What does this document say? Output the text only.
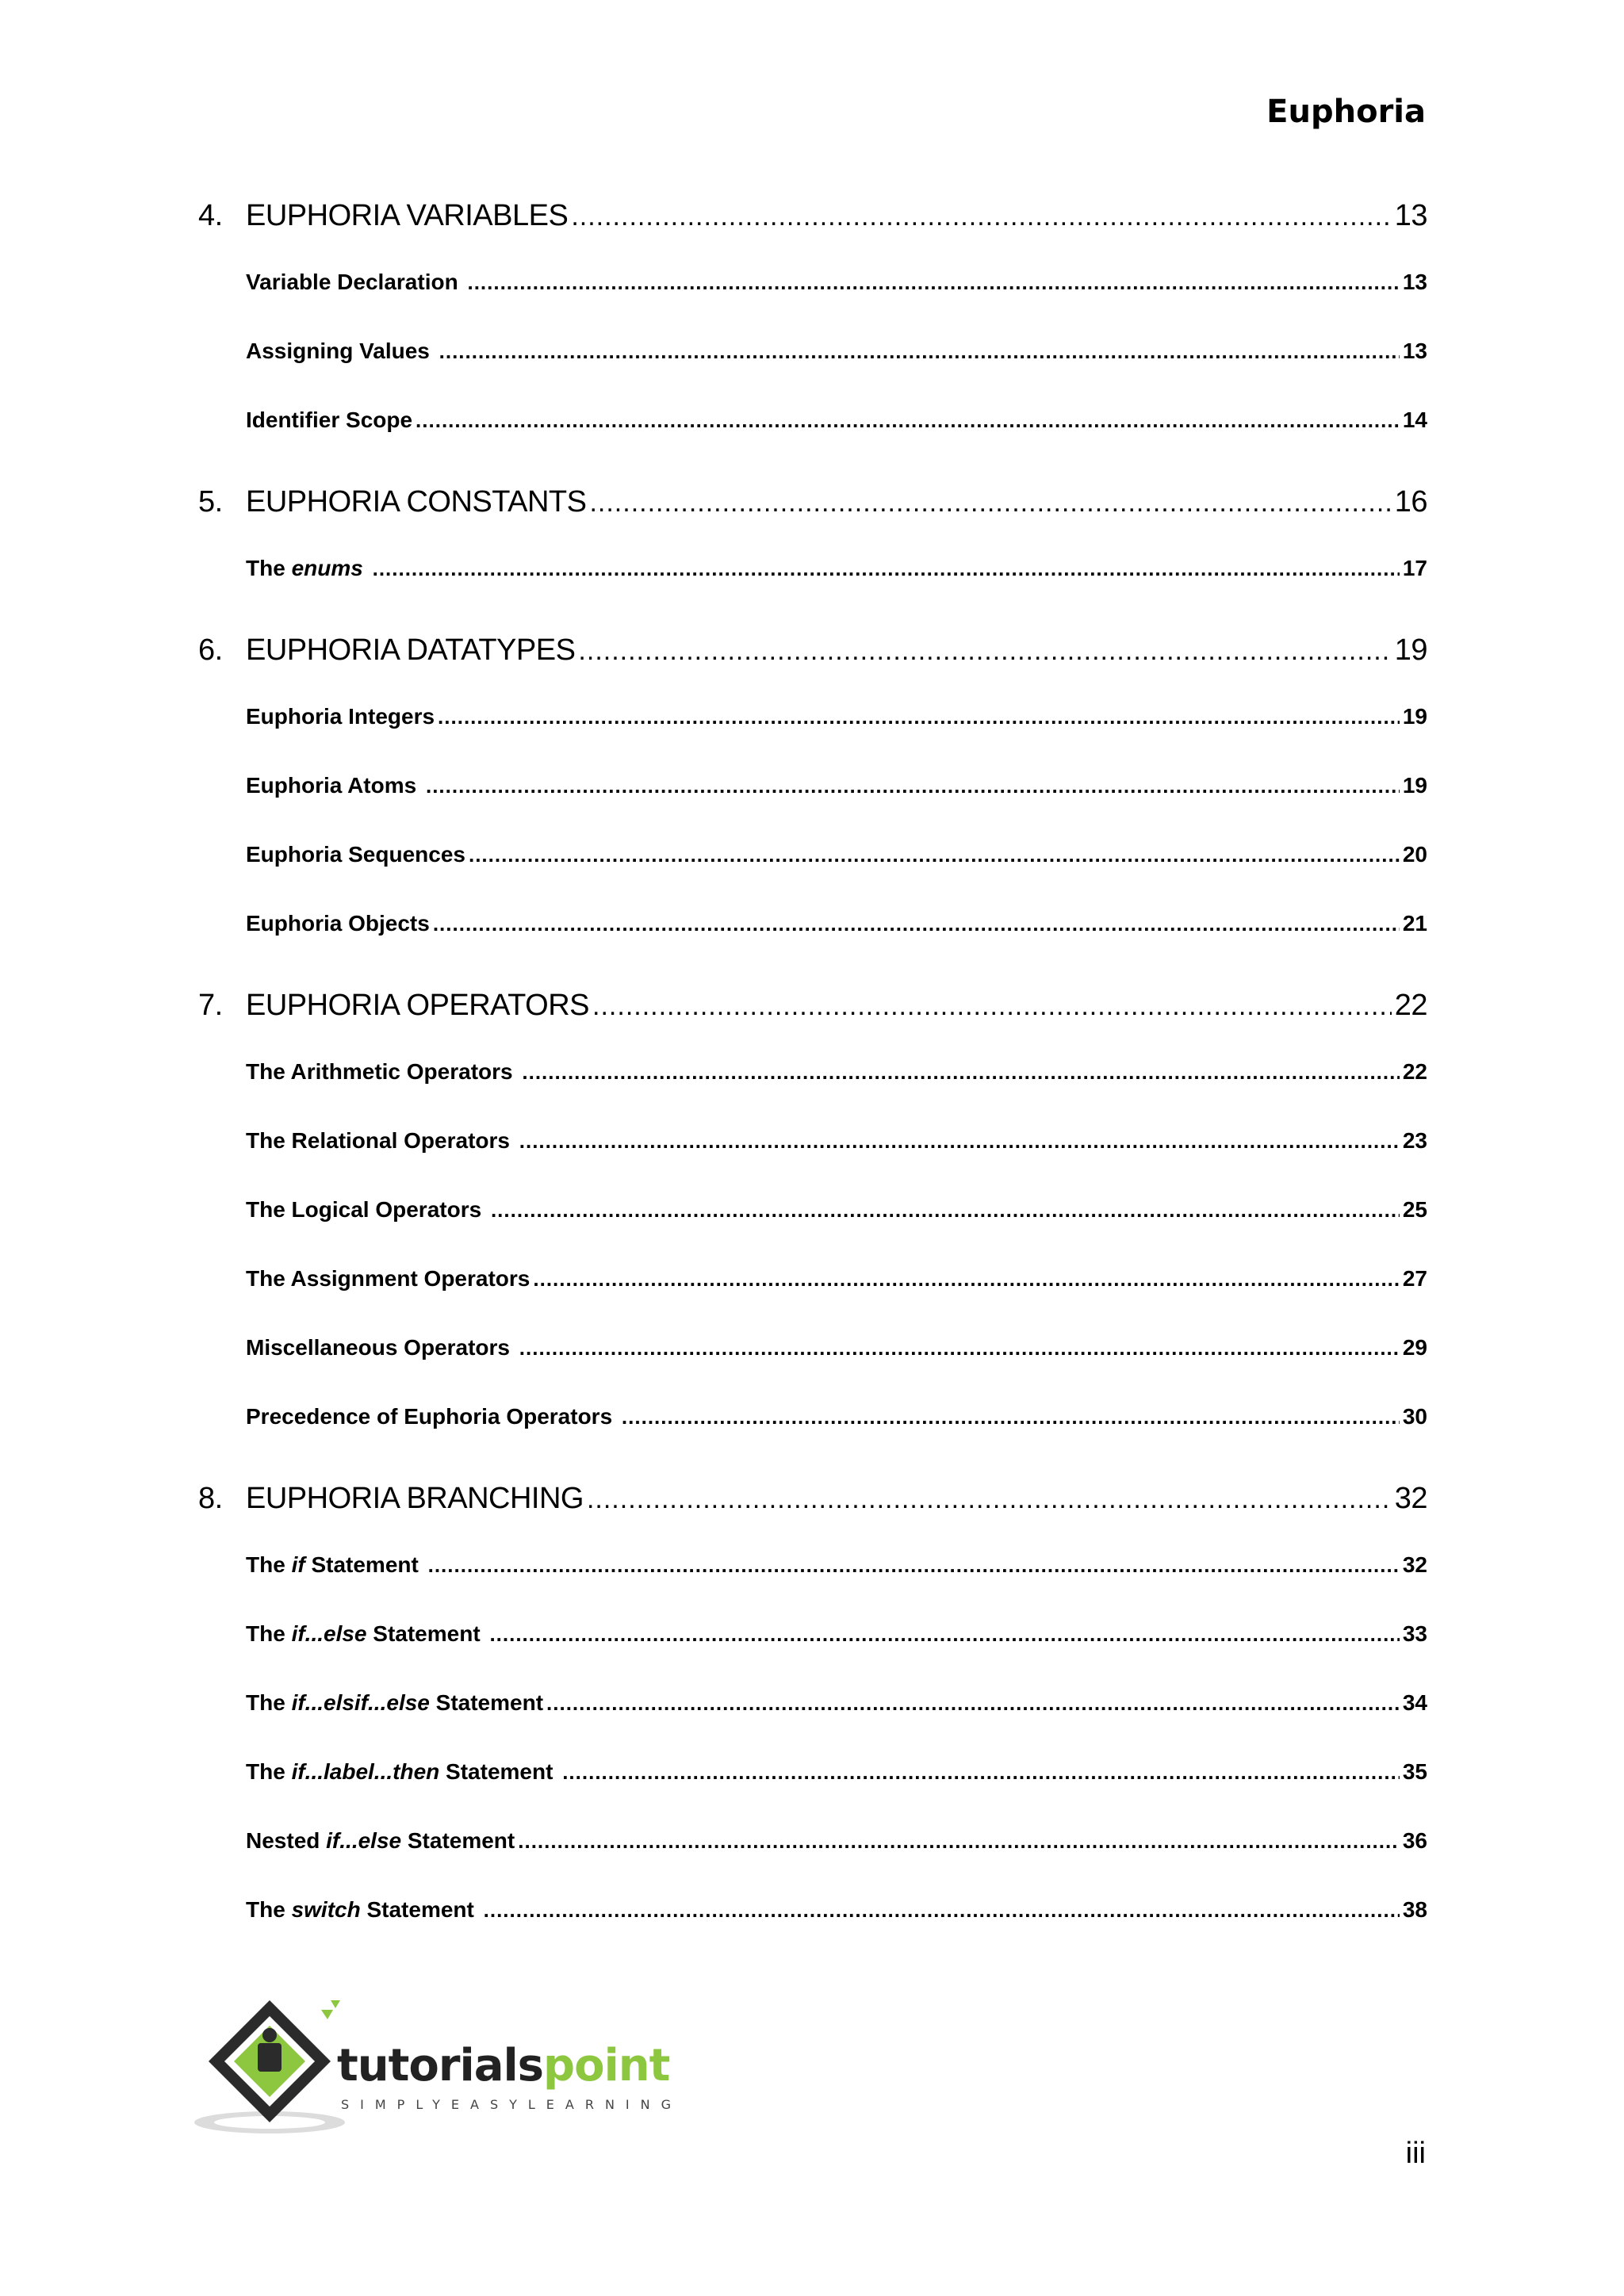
Euphoria
4. EUPHORIA VARIABLES .....	13
Variable Declaration .....	13
Assigning Values .....	13
Identifier Scope .....	14
5. EUPHORIA CONSTANTS .....	16
The enums .....	17
6. EUPHORIA DATATYPES .....	19
Euphoria Integers .....	19
Euphoria Atoms .....	19
Euphoria Sequences .....	20
Euphoria Objects .....	21
7. EUPHORIA OPERATORS .....	22
The Arithmetic Operators .....	22
The Relational Operators .....	23
The Logical Operators .....	25
The Assignment Operators .....	27
Miscellaneous Operators .....	29
Precedence of Euphoria Operators .....	30
8. EUPHORIA BRANCHING .....	32
The if Statement .....	32
The if...else Statement .....	33
The if...elsif...else Statement .....	34
The if...label...then Statement .....	35
Nested if...else Statement .....	36
The switch Statement .....	38
tutorialspoint
SIMPLYEASYLEARNING
iii
